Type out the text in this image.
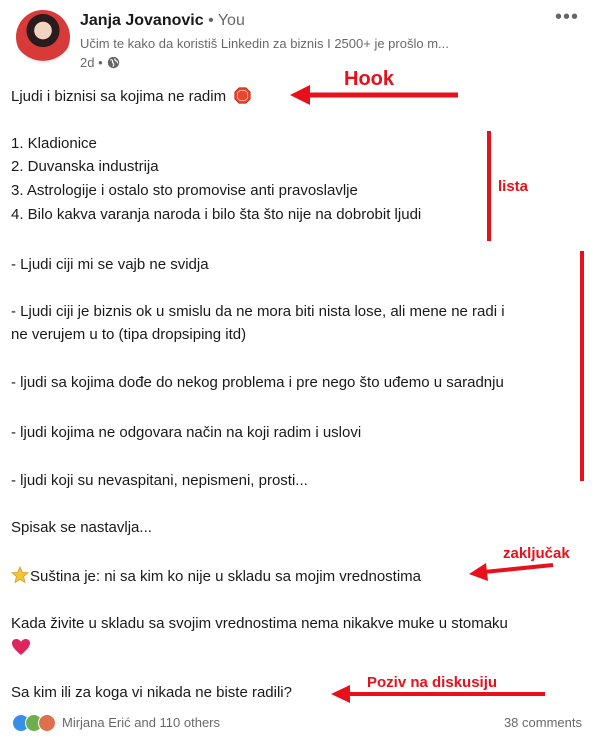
Janja Jovanovic • You
Učim te kako da koristiš Linkedin za biznis I 2500+ je prošlo m...
2d •
•••
Ljudi i biznisi sa kojima ne radim
1. Kladionice
2. Duvanska industrija
3. Astrologije i ostalo sto promovise anti pravoslavlje
4. Bilo kakva varanja naroda i bilo šta što nije na dobrobit ljudi
- Ljudi ciji mi se vajb ne svidja
- Ljudi ciji je biznis ok u smislu da ne mora biti nista lose, ali mene ne radi i
ne verujem u to (tipa dropsiping itd)
- ljudi sa kojima dođe do nekog problema i pre nego što uđemo u saradnju
- ljudi kojima ne odgovara način na koji radim i uslovi
- ljudi koji su nevaspitani, nepismeni, prosti...
Spisak se nastavlja...
Suština je: ni sa kim ko nije u skladu sa mojim vrednostima
Kada živite u skladu sa svojim vrednostima nema nikakve muke u stomaku
Sa kim ili za koga vi nikada ne biste radili?
Hook
lista
zaključak
Poziv na diskusiju
Mirjana Erić and 110 others	38 comments
